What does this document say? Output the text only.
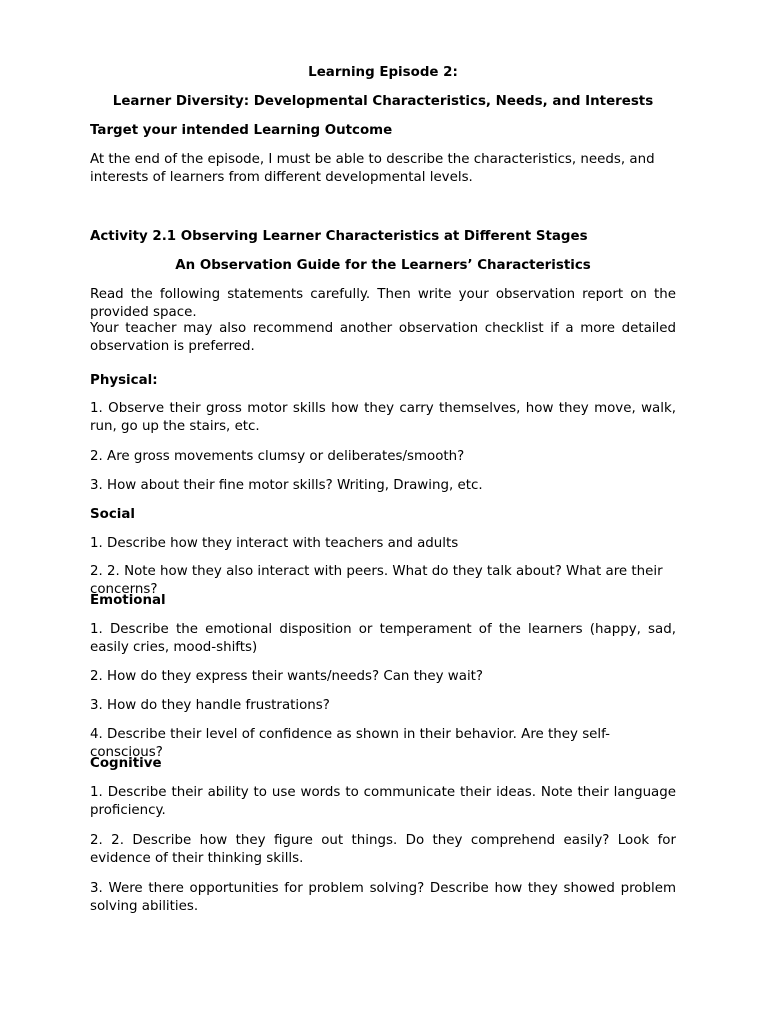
Learning Episode 2:

Learner Diversity: Developmental Characteristics, Needs, and Interests

Target your intended Learning Outcome

At the end of the episode, I must be able to describe the characteristics, needs, and interests of learners from different developmental levels.

Activity 2.1 Observing Learner Characteristics at Different Stages

An Observation Guide for the Learners’ Characteristics

Read the following statements carefully. Then write your observation report on the provided space.

Your teacher may also recommend another observation checklist if a more detailed observation is preferred.

Physical:

1. Observe their gross motor skills how they carry themselves, how they move, walk, run, go up the stairs, etc.

2. Are gross movements clumsy or deliberates/smooth?

3. How about their fine motor skills? Writing, Drawing, etc.

Social

1. Describe how they interact with teachers and adults

2. 2. Note how they also interact with peers. What do they talk about? What are their concerns?

Emotional

1. Describe the emotional disposition or temperament of the learners (happy, sad, easily cries, mood-shifts)

2. How do they express their wants/needs? Can they wait?

3. How do they handle frustrations?

4. Describe their level of confidence as shown in their behavior. Are they self-conscious?

Cognitive

1. Describe their ability to use words to communicate their ideas. Note their language proficiency.

2. 2. Describe how they figure out things. Do they comprehend easily? Look for evidence of their thinking skills.

3. Were there opportunities for problem solving? Describe how they showed problem solving abilities.
